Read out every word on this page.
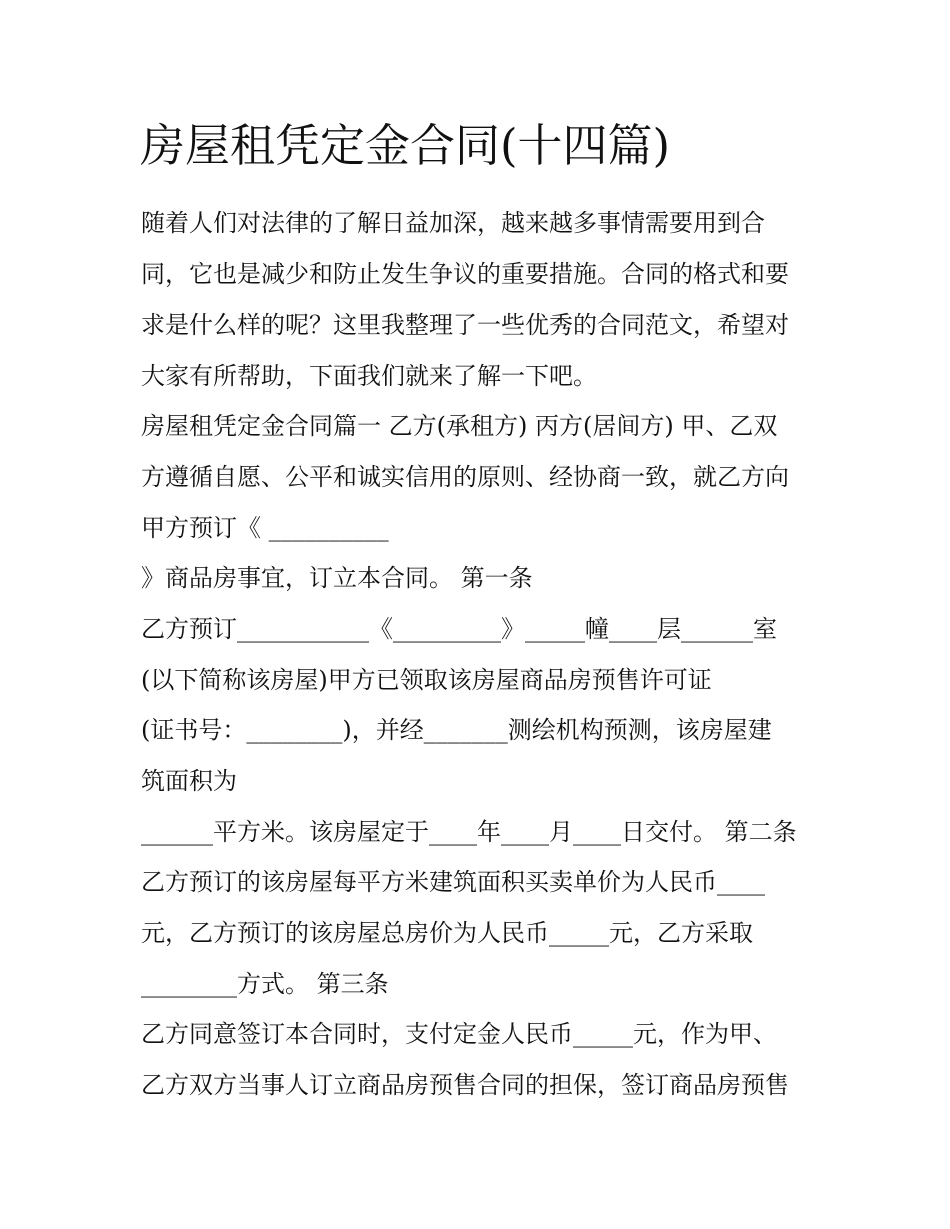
房屋租凭定金合同(十四篇)

随着人们对法律的了解日益加深，越来越多事情需要用到合

同，它也是减少和防止发生争议的重要措施。合同的格式和要

求是什么样的呢？这里我整理了一些优秀的合同范文，希望对

大家有所帮助，下面我们就来了解一下吧。

房屋租凭定金合同篇一 乙方(承租方) 丙方(居间方) 甲、乙双

方遵循自愿、公平和诚实信用的原则、经协商一致，就乙方向

甲方预订《 __________

》商品房事宜，订立本合同。 第一条

乙方预订___________《_________》_____幢____层______室

(以下简称该房屋)甲方已领取该房屋商品房预售许可证

(证书号：________)，并经_______测绘机构预测，该房屋建

筑面积为

______平方米。该房屋定于____年____月____日交付。 第二条

乙方预订的该房屋每平方米建筑面积买卖单价为人民币____

元，乙方预订的该房屋总房价为人民币_____元，乙方采取

________方式。 第三条

乙方同意签订本合同时，支付定金人民币_____元，作为甲、

乙方双方当事人订立商品房预售合同的担保，签订商品房预售
